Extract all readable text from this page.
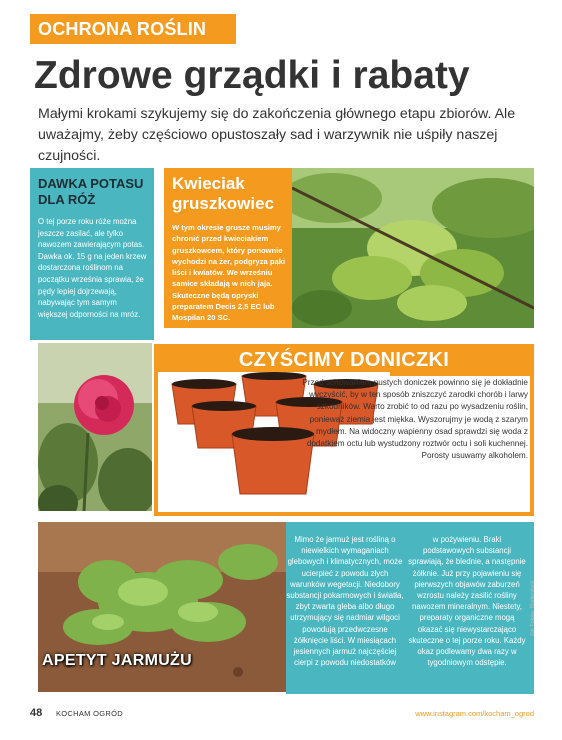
OCHRONA ROŚLIN
Zdrowe grządki i rabaty

Małymi krokami szykujemy się do zakończenia głównego etapu zbiorów. Ale uważajmy, żeby częściowo opustoszały sad i warzywnik nie uśpiły naszej czujności.

DAWKA POTASU DLA RÓŻ

O tej porze roku róże można jeszcze zasilać, ale tylko nawozem zawierającym potas. Dawka ok. 15 g na jeden krzew dostarczona roślinom na początku września sprawia, że pędy lepiej dojrzewają, nabywając tym samym większej odporności na mróz.

Kwieciak gruszkowiec

W tym okresie grusze musimy chronić przed kwieciakiem gruszkowcem, który ponownie wychodzi na żer, podgryza pąki liści i kwiatów. We wrześniu samice składają w nich jaja. Skuteczne będą opryski preparatem Decis 2,5 EC lub Mospilan 20 SC.

CZYŚCIMY DONICZKI

Przed schowaniem pustych doniczek powinno się je dokładnie wyczyścić, by w ten sposób zniszczyć zarodki chorób i larwy szkodników. Warto zrobić to od razu po wysadzeniu roślin, ponieważ ziemia jest miękka. Wyszorujmy je wodą z szarym mydłem. Na widoczny wapienny osad sprawdzi się woda z dodatkiem octu lub wystudzony roztwór octu i soli kuchennej. Porosty usuwamy alkoholem.

APETYT JARMUŻU

Mimo że jarmuż jest rośliną o niewielkich wymaganiach glebowych i klimatycznych, może ucierpieć z powodu złych warunków wegetacji. Niedobory substancji pokarmowych i światła, zbyt zwarta gleba albo długo utrzymujący się nadmiar wilgoci powodują przedwczesne żółknięcie liści. W miesiącach jesiennych jarmuż najczęściej cierpi z powodu niedostatków

w pożywieniu. Braki podstawowych substancji sprawiają, że blednie, a następnie żółknie. Już przy pojawieniu się pierwszych objawów zaburzeń wzrostu należy zasilić rośliny nawozem mineralnym. Niestety, preparaty organiczne mogą okazać się niewystarczająco skuteczne o tej porze roku. Każdy okaz podlewamy dwa razy w tygodniowym odstępie.

Zdj. Fotolia, Shutterstock
48 KOCHAM OGRÓD	www.instagram.com/kocham_ogrod
